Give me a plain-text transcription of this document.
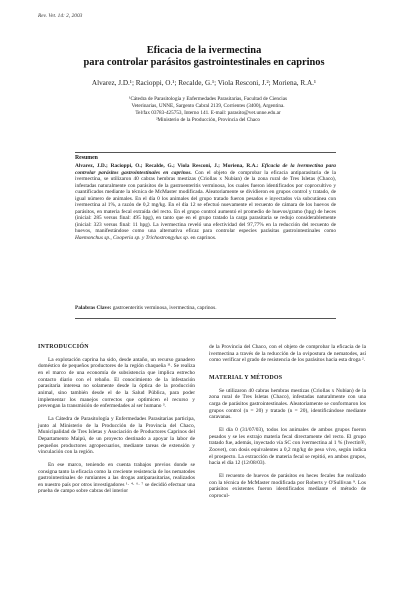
Rev. Vet. 14: 2, 2003
Eficacia de la ivermectina
para controlar parásitos gastrointestinales en caprinos
Alvarez, J.D.¹; Racioppi, O.¹; Recalde, G.¹; Viola Resconi, J.²; Moriena, R.A.¹
¹Cátedra de Parasitología y Enfermedades Parasitarias, Facultad de Ciencias
Veterinarias, UNNE, Sargento Cabral 2139, Corrientes (3400), Argentina.
Tel/fax 03783-425753, Interno 141. E-mail: parasito@vet.unne.edu.ar
²Ministerio de la Producción, Provincia del Chaco
Resumen
Alvarez, J.D.; Racioppi, O.; Recalde, G.; Viola Resconi, J.; Moriena, R.A.: Eficacia de la ivermectina para controlar parásitos gastrointestinales en caprinos. Con el objeto de comprobar la eficacia antiparasitaria de la ivermectina, se utilizaron 40 cabras hembras mestizas (Criollas x Nubian) de la zona rural de Tres Isletas (Chaco), infestadas naturalmente con parásitos de la gastroenteritis verminosa, los cuales fueron identificados por coprocultivo y cuantificados mediante la técnica de McMaster modificada. Aleatoriamente se dividieron en grupos control y tratado, de igual número de animales. En el día 0 los animales del grupo tratado fueron pesados e inyectados vía subcutánea con ivermectina al 1%, a razón de 0,2 mg/kg. En el día 12 se efectuó nuevamente el recuento de cámara de los huevos de parásitos, en materia fecal extraída del recto. En el grupo control aumentó el promedio de huevos/gramo (hpg) de heces (inicial: 285 versus final: 495 hpg), en tanto que en el grupo tratado la carga parasitaria se redujo considerablemente (inicial: 323 versus final: 11 hpg). La ivermectina reveló una efectividad del 97,77% en la reducción del recuento de huevos, manifestándose como una alternativa eficaz para controlar especies parásitas gastrointestinales como Haemonchus sp., Cooperia sp. y Trichostrongylus sp. en caprinos.
Palabras Clave: gastroenteritis verminosa, ivermectina, caprinos.
INTRODUCCIÓN

La explotación caprina ha sido, desde antaño, un recurso ganadero doméstico de pequeños productores de la región chaqueña ¹¹. Se realiza en el marco de una economía de subsistencia que implica estrecho contacto diario con el rebaño. El conocimiento de la infestación parasitaria interesa no solamente desde la óptica de la producción animal, sino también desde el de la Salud Pública, para poder implementar los manejos correctos que optimicen el recurso y prevengan la transmisión de enfermedades al ser humano ³.

La Cátedra de Parasitología y Enfermedades Parasitarias participa, junto al Ministerio de la Producción de la Provincia del Chaco, Municipalidad de Tres Isletas y Asociación de Productores Caprinos del Departamento Maipú, de un proyecto destinado a apoyar la labor de pequeños productores agropecuarios, mediante tareas de extensión y vinculación con la región.

En ese marco, teniendo en cuenta trabajos previos donde se consigna tanto la eficacia como la creciente resistencia de los nematodes gastrointestinales de rumiantes a las drogas antiparasitarias, realizados en nuestro país por otros investigadores ¹· ⁴· ⁶· ⁷ se decidió efectuar una prueba de campo sobre cabras del interior

de la Provincia del Chaco, con el objeto de comprobar la eficacia de la ivermectina a través de la reducción de la ovipostura de nematodes, así como verificar el grado de resistencia de los parásitos hacia esta droga ².

MATERIAL Y MÉTODOS

Se utilizaron 40 cabras hembras mestizas (Criollas x Nubian) de la zona rural de Tres Isletas (Chaco), infestadas naturalmente con una carga de parásitos gastrointestinales. Aleatoriamente se conformaron los grupos control (n = 20) y tratado (n = 20), identificándose mediante caravanas.

El día 0 (31/07/03), todos los animales de ambos grupos fueron pesados y se les extrajo materia fecal directamente del recto. El grupo tratado fue, además, inyectado vía SC con ivermectina al 1 % (Ivectin®, Zoovet), con dosis equivalentes a 0,2 mg/kg de peso vivo, según indica el prospecto. La extracción de materia fecal se repitió, en ambos grupos, hacia el día 12 (12/08/03).

El recuento de huevos de parásitos en heces fecales fue realizado con la técnica de McMaster modificada por Roberts y O'Sullivan ⁹. Los parásitos existentes fueron identificados mediante el método de coprocul-
